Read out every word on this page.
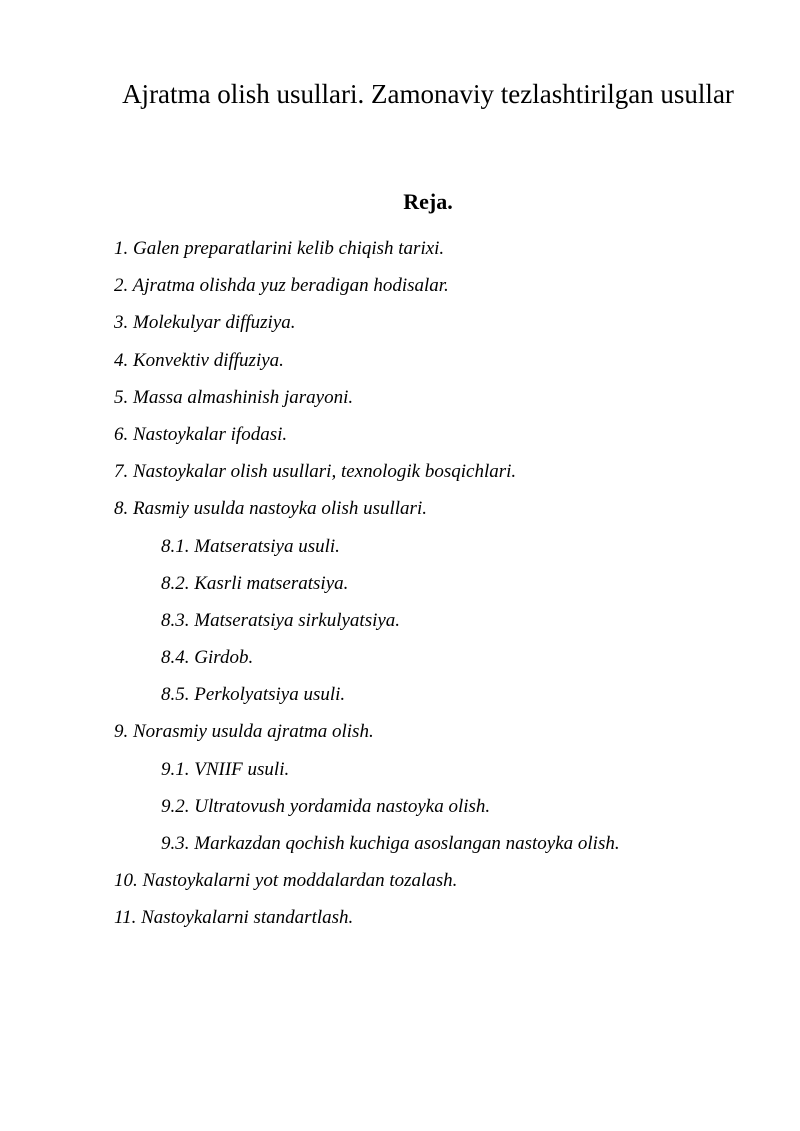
Ajratma olish usullari. Zamonaviy tezlashtirilgan usullar
Reja.
1. Galen preparatlarini kelib chiqish tarixi.
2. Ajratma olishda yuz beradigan hodisalar.
3. Molekulyar diffuziya.
4. Konvektiv diffuziya.
5. Massa almashinish jarayoni.
6. Nastoykalar ifodasi.
7. Nastoykalar olish usullari, texnologik bosqichlari.
8. Rasmiy usulda nastoyka olish usullari.
8.1. Matseratsiya usuli.
8.2. Kasrli matseratsiya.
8.3. Matseratsiya sirkulyatsiya.
8.4. Girdob.
8.5. Perkolyatsiya usuli.
9. Norasmiy usulda ajratma olish.
9.1. VNIIF usuli.
9.2. Ultratovush yordamida nastoyka olish.
9.3. Markazdan qochish kuchiga asoslangan nastoyka olish.
10. Nastoykalarni yot moddalardan tozalash.
11. Nastoykalarni standartlash.
